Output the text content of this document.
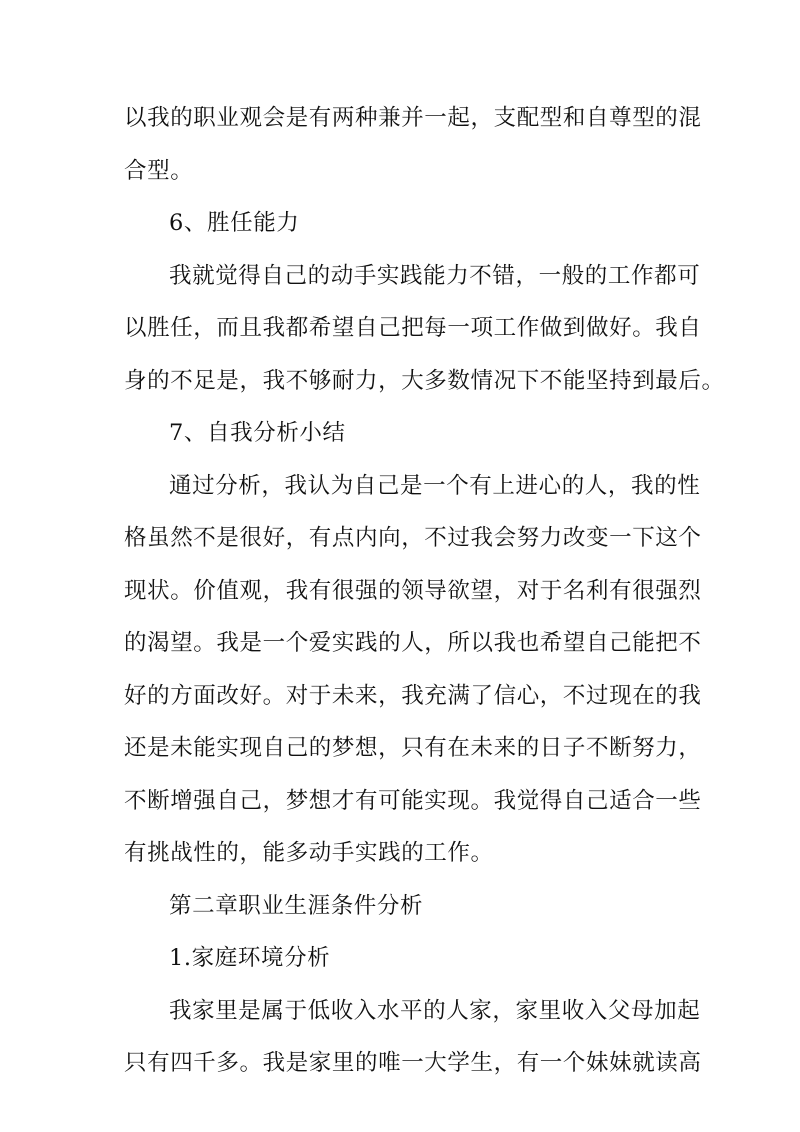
以我的职业观会是有两种兼并一起，支配型和自尊型的混
合型。
6、胜任能力
我就觉得自己的动手实践能力不错，一般的工作都可
以胜任，而且我都希望自己把每一项工作做到做好。我自
身的不足是，我不够耐力，大多数情况下不能坚持到最后。
7、自我分析小结
通过分析，我认为自己是一个有上进心的人，我的性
格虽然不是很好，有点内向，不过我会努力改变一下这个
现状。价值观，我有很强的领导欲望，对于名利有很强烈
的渴望。我是一个爱实践的人，所以我也希望自己能把不
好的方面改好。对于未来，我充满了信心，不过现在的我
还是未能实现自己的梦想，只有在未来的日子不断努力，
不断增强自己，梦想才有可能实现。我觉得自己适合一些
有挑战性的，能多动手实践的工作。
第二章职业生涯条件分析
1.家庭环境分析
我家里是属于低收入水平的人家，家里收入父母加起
只有四千多。我是家里的唯一大学生，有一个妹妹就读高
